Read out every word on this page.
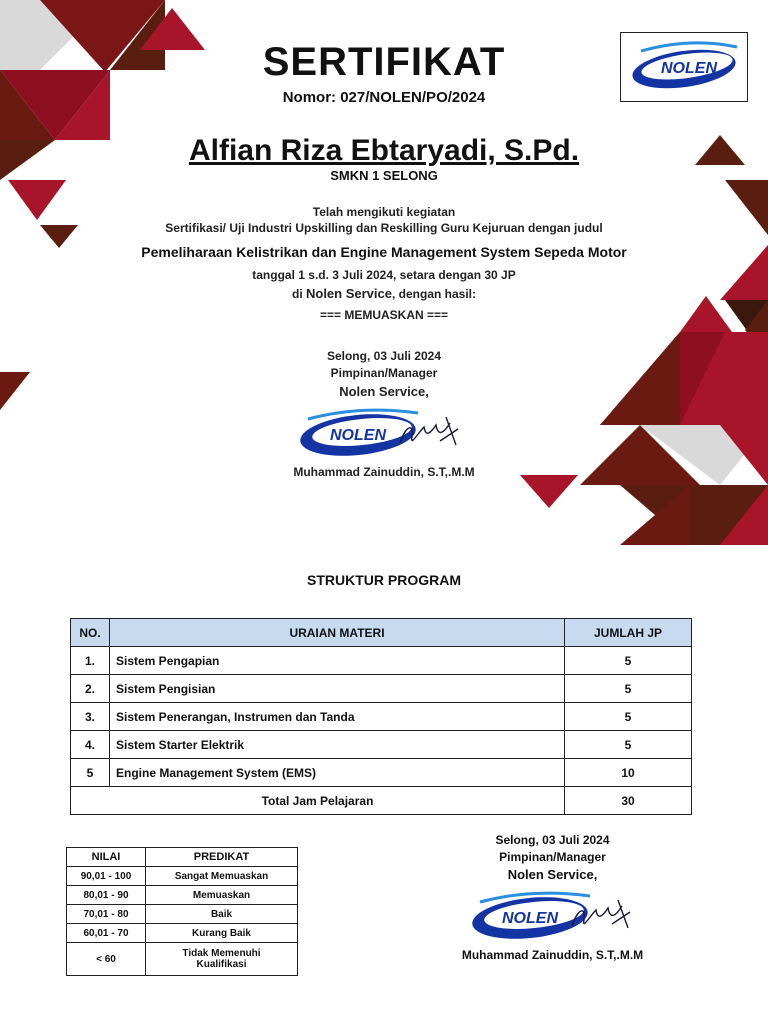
NOLEN
SERTIFIKAT
Nomor: 027/NOLEN/PO/2024
Alfian Riza Ebtaryadi, S.Pd.
SMKN 1 SELONG
Telah mengikuti kegiatan
Sertifikasi/ Uji Industri Upskilling dan Reskilling Guru Kejuruan dengan judul
Pemeliharaan Kelistrikan dan Engine Management System Sepeda Motor
tanggal 1 s.d. 3 Juli 2024, setara dengan 30 JP
di Nolen Service, dengan hasil:
=== MEMUASKAN ===
Selong, 03 Juli 2024
Pimpinan/Manager
Nolen Service,
NOLEN
Muhammad Zainuddin, S.T,.M.M
STRUKTUR PROGRAM
NO.	URAIAN MATERI	JUMLAH JP
1.	Sistem Pengapian	5
2.	Sistem Pengisian	5
3.	Sistem Penerangan, Instrumen dan Tanda	5
4.	Sistem Starter Elektrik	5
5	Engine Management System (EMS)	10
Total Jam Pelajaran		30
NILAI	PREDIKAT
90,01 - 100	Sangat Memuaskan
80,01 - 90	Memuaskan
70,01 - 80	Baik
60,01 - 70	Kurang Baik
< 60	Tidak Memenuhi Kualifikasi
Selong, 03 Juli 2024
Pimpinan/Manager
Nolen Service,
NOLEN
Muhammad Zainuddin, S.T,.M.M
